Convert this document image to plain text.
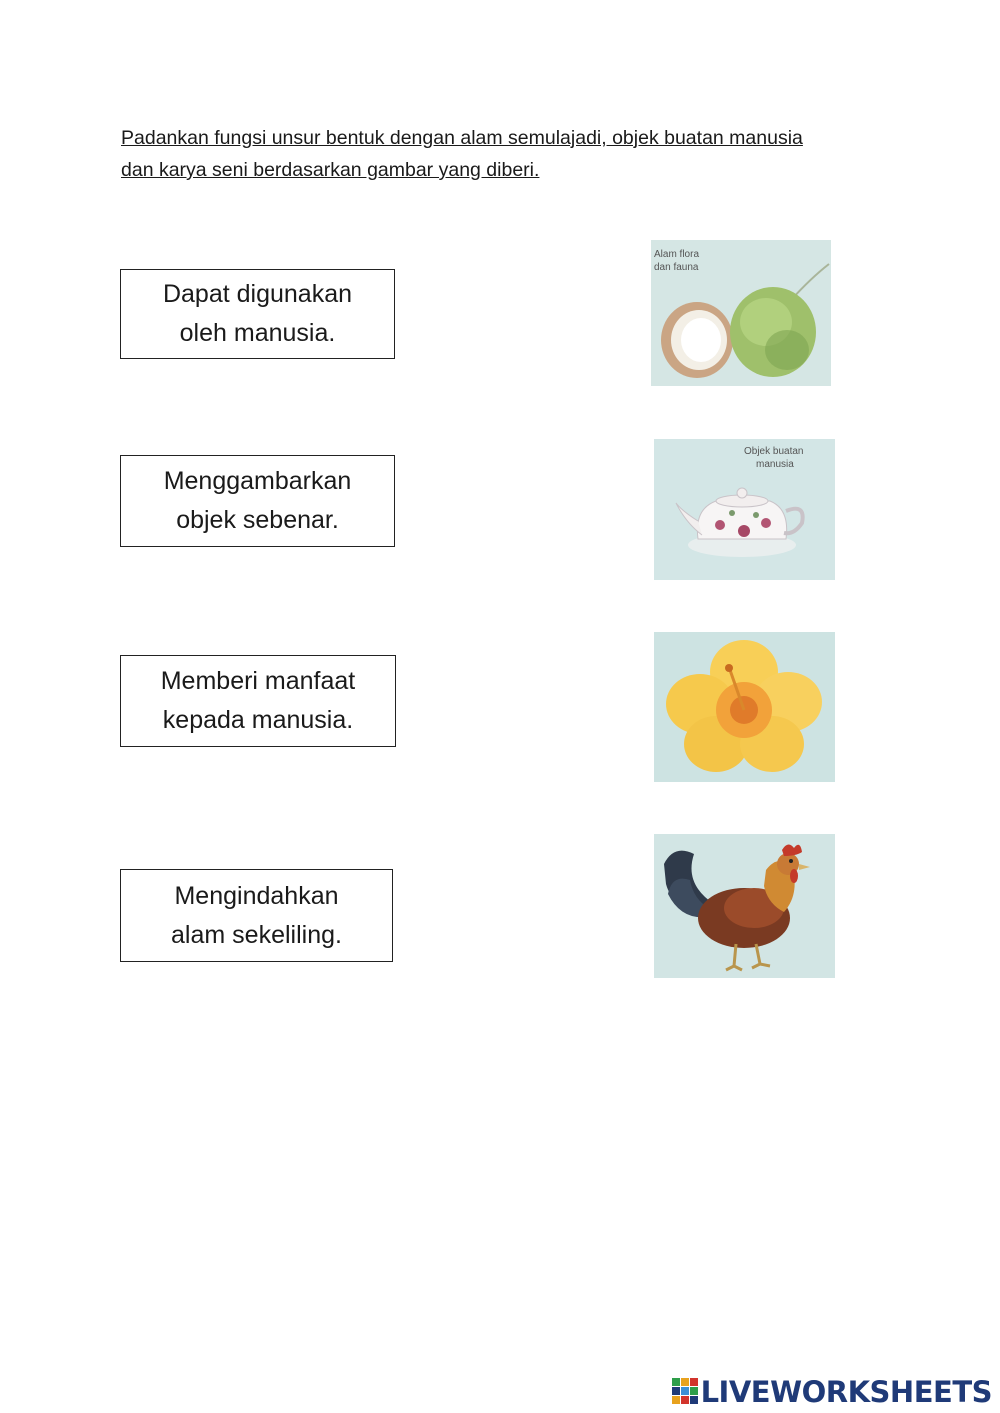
Padankan fungsi unsur bentuk dengan alam semulajadi, objek buatan manusia
dan karya seni berdasarkan gambar yang diberi.
Dapat digunakan
oleh manusia.
Menggambarkan
objek sebenar.
Memberi manfaat
kepada manusia.
Mengindahkan
alam sekeliling.
Alam flora
dan fauna
Objek buatan
manusia
LIVEWORKSHEETS
